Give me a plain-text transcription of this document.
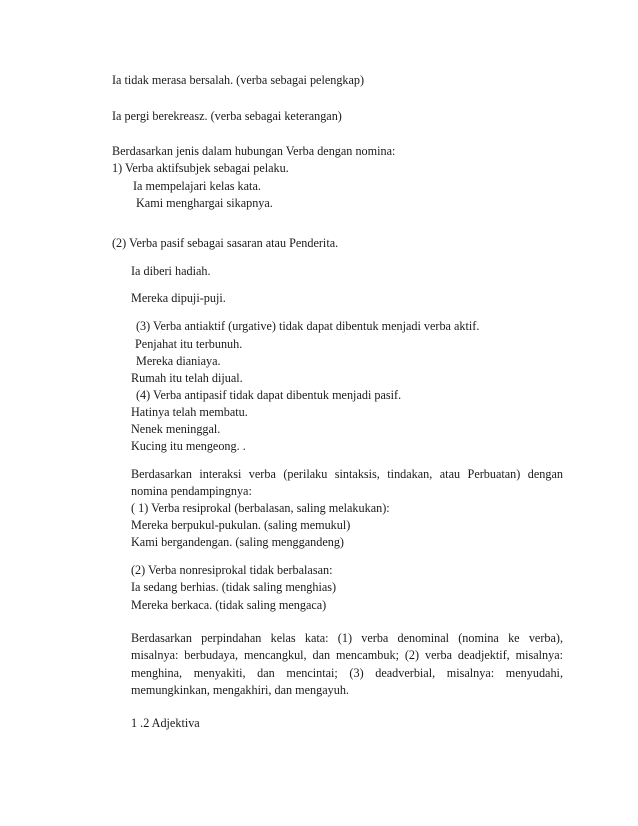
Ia tidak merasa bersalah. (verba sebagai pelengkap)
Ia pergi berekreasz. (verba sebagai keterangan)
Berdasarkan jenis dalam hubungan Verba dengan nomina:
1) Verba aktifsubjek sebagai pelaku.
Ia mempelajari kelas kata.
Kami menghargai sikapnya.
(2) Verba pasif sebagai sasaran atau Penderita.
Ia diberi hadiah.
Mereka dipuji-puji.
(3) Verba antiaktif (urgative) tidak dapat dibentuk menjadi verba aktif.
Penjahat itu terbunuh.
Mereka dianiaya.
Rumah itu telah dijual.
(4) Verba antipasif tidak dapat dibentuk menjadi pasif.
Hatinya telah membatu.
Nenek meninggal.
Kucing itu mengeong. .
Berdasarkan interaksi verba (perilaku sintaksis, tindakan, atau Perbuatan) dengan
nomina pendampingnya:
( 1) Verba resiprokal (berbalasan, saling melakukan):
Mereka berpukul-pukulan. (saling memukul)
Kami bergandengan. (saling menggandeng)
(2) Verba nonresiprokal tidak berbalasan:
Ia sedang berhias. (tidak saling menghias)
Mereka berkaca. (tidak saling mengaca)
Berdasarkan perpindahan kelas kata: (1) verba denominal (nomina ke verba),
misalnya: berbudaya, mencangkul, dan mencambuk; (2) verba deadjektif, misalnya:
menghina, menyakiti, dan mencintai; (3) deadverbial, misalnya: menyudahi,
memungkinkan, mengakhiri, dan mengayuh.
1 .2 Adjektiva
